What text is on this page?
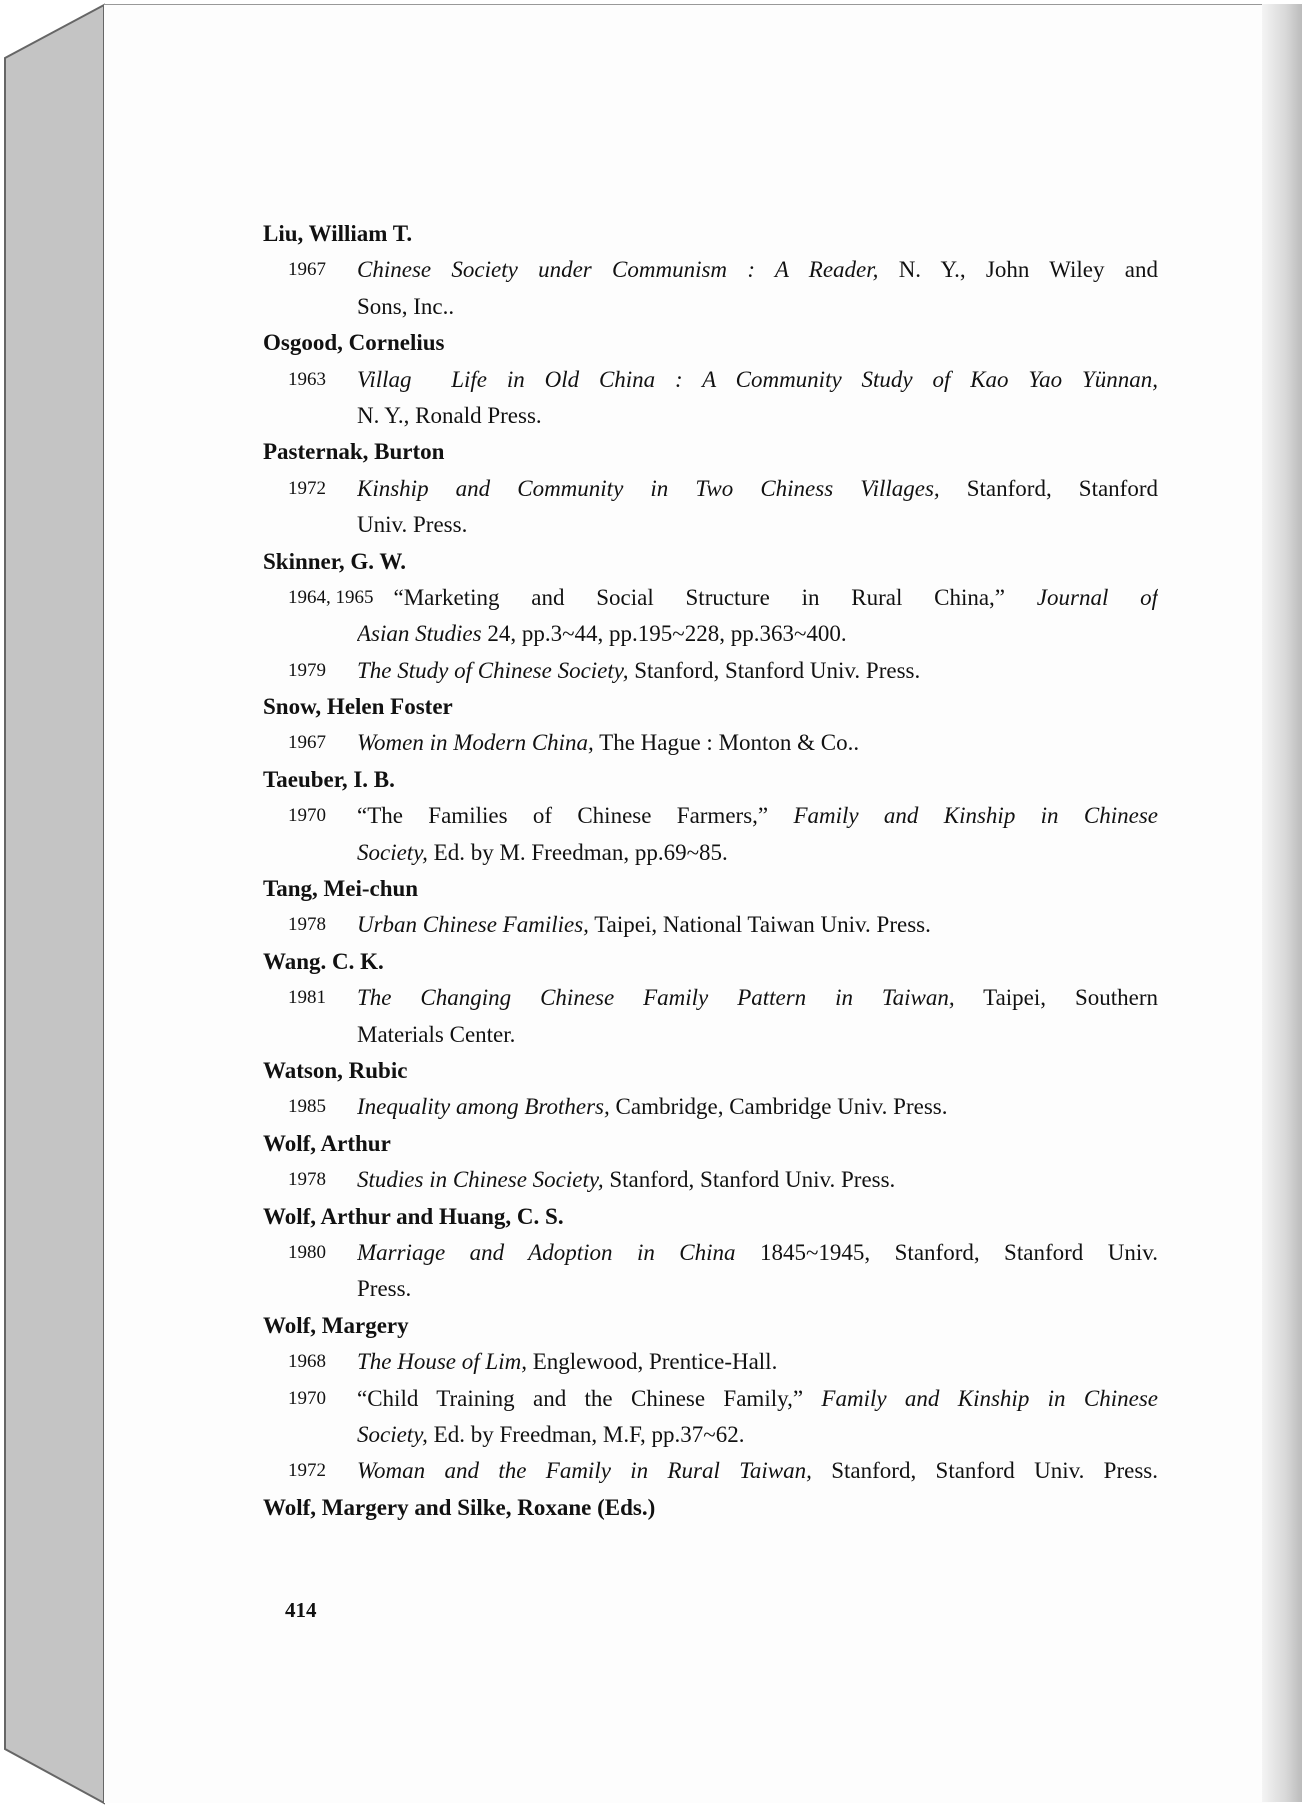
Liu, William T.
1967	Chinese Society under Communism : A Reader, N. Y., John Wiley and
Sons, Inc..
Osgood, Cornelius
1963	Villag  Life in Old China : A Community Study of Kao Yao Yünnan,
N. Y., Ronald Press.
Pasternak, Burton
1972	Kinship and Community in Two Chiness Villages, Stanford, Stanford
Univ. Press.
Skinner, G. W.
1964, 1965 “Marketing and Social Structure in Rural China,” Journal of
Asian Studies 24, pp.3~44, pp.195~228, pp.363~400.
1979	The Study of Chinese Society, Stanford, Stanford Univ. Press.
Snow, Helen Foster
1967	Women in Modern China, The Hague : Monton & Co..
Taeuber, I. B.
1970	“The Families of Chinese Farmers,” Family and Kinship in Chinese
Society, Ed. by M. Freedman, pp.69~85.
Tang, Mei-chun
1978	Urban Chinese Families, Taipei, National Taiwan Univ. Press.
Wang. C. K.
1981	The Changing Chinese Family Pattern in Taiwan, Taipei, Southern
Materials Center.
Watson, Rubic
1985	Inequality among Brothers, Cambridge, Cambridge Univ. Press.
Wolf, Arthur
1978	Studies in Chinese Society, Stanford, Stanford Univ. Press.
Wolf, Arthur and Huang, C. S.
1980	Marriage and Adoption in China 1845~1945, Stanford, Stanford Univ.
Press.
Wolf, Margery
1968	The House of Lim, Englewood, Prentice-Hall.
1970	“Child Training and the Chinese Family,” Family and Kinship in Chinese
Society, Ed. by Freedman, M.F, pp.37~62.
1972	Woman and the Family in Rural Taiwan, Stanford, Stanford Univ. Press.
Wolf, Margery and Silke, Roxane (Eds.)
414
